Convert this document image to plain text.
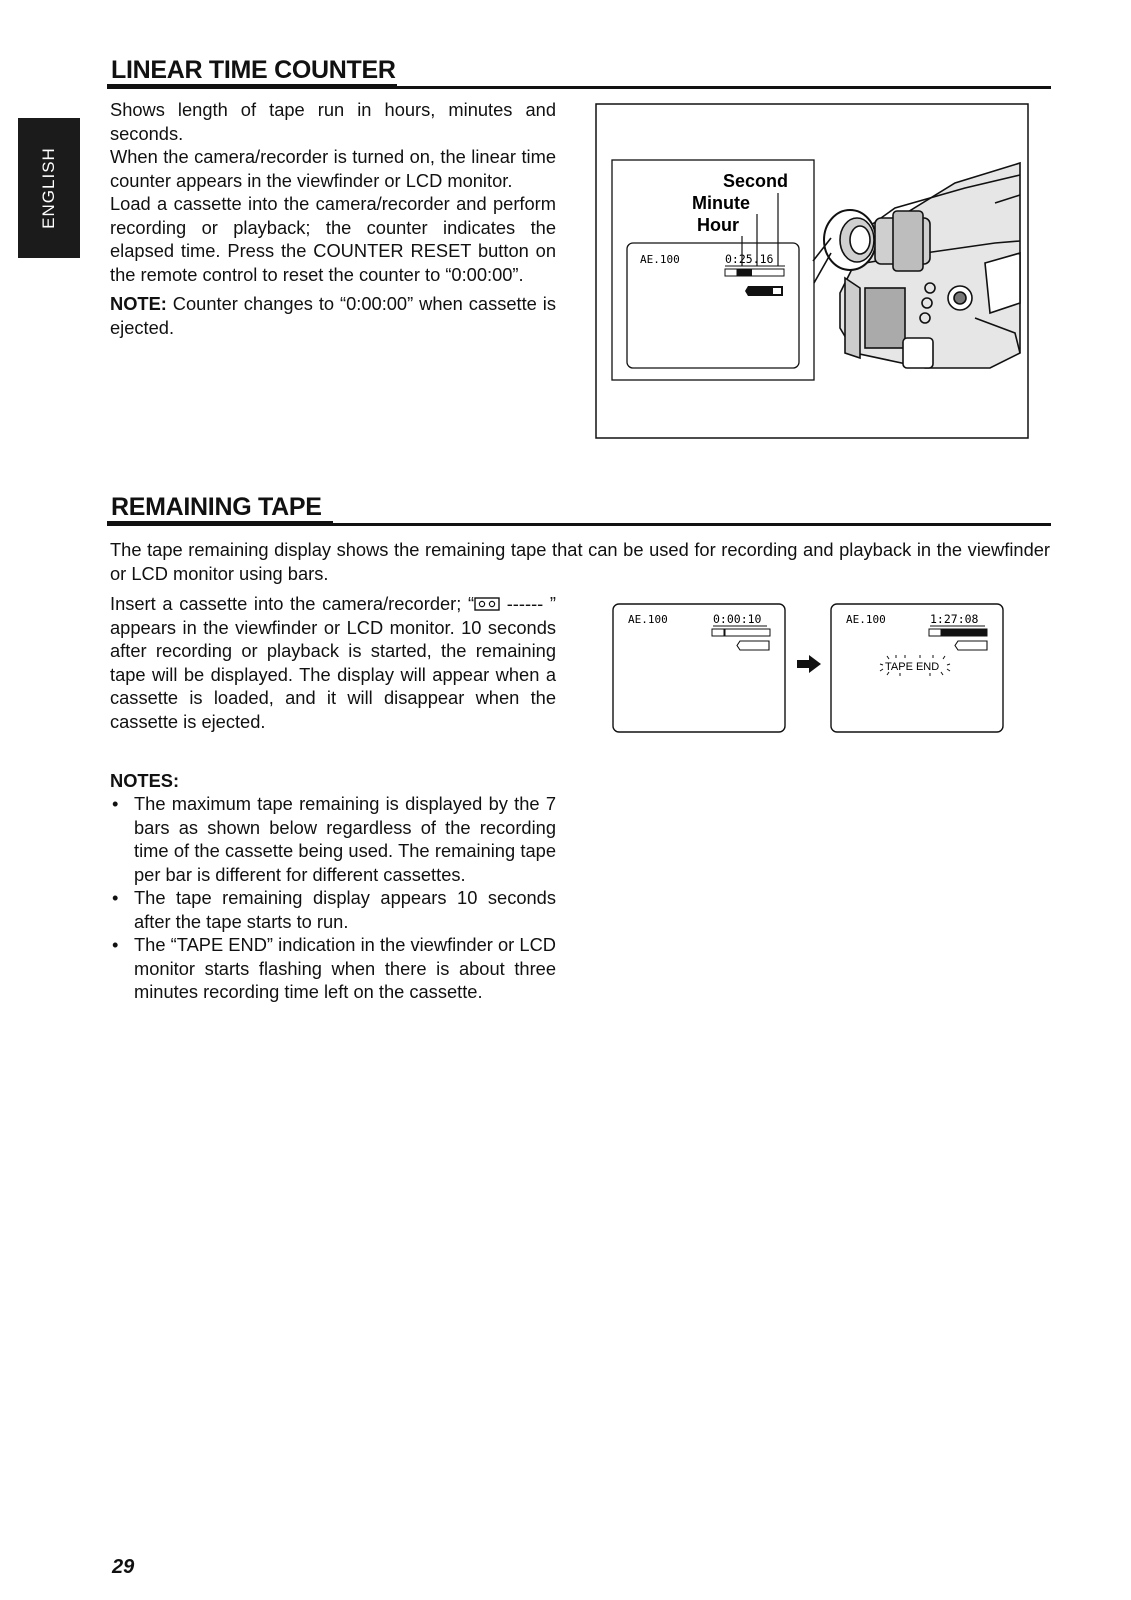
ENGLISH
LINEAR TIME COUNTER

Shows length of tape run in hours, minutes and seconds.

When the camera/recorder is turned on, the linear time counter appears in the viewfinder or LCD monitor.

Load a cassette into the camera/recorder and perform recording or playback; the counter indicates the elapsed time. Press the COUNTER RESET button on the remote control to reset the counter to “0:00:00”.

NOTE: Counter changes to “0:00:00” when cassette is ejected.

AE.100	0:25.16
Second
Minute
Hour
REMAINING TAPE

The tape remaining display shows the remaining tape that can be used for recording and playback in the viewfinder or LCD monitor using bars.

Insert a cassette into the camera/recorder; “ ------ ” appears in the viewfinder or LCD monitor. 10 seconds after recording or playback is started, the remaining tape will be displayed. The display will appear when a cassette is loaded, and it will disappear when the cassette is ejected.

NOTES:

• The maximum tape remaining is displayed by the 7 bars as shown below regardless of the recording time of the cassette being used. The remaining tape per bar is different for different cassettes.
• The tape remaining display appears 10 seconds after the tape starts to run.
• The “TAPE END” indication in the viewfinder or LCD monitor starts flashing when there is about three minutes recording time left on the cassette.
AE.100	0:00:10	AE.100	1:27:08
TAPE END
29
